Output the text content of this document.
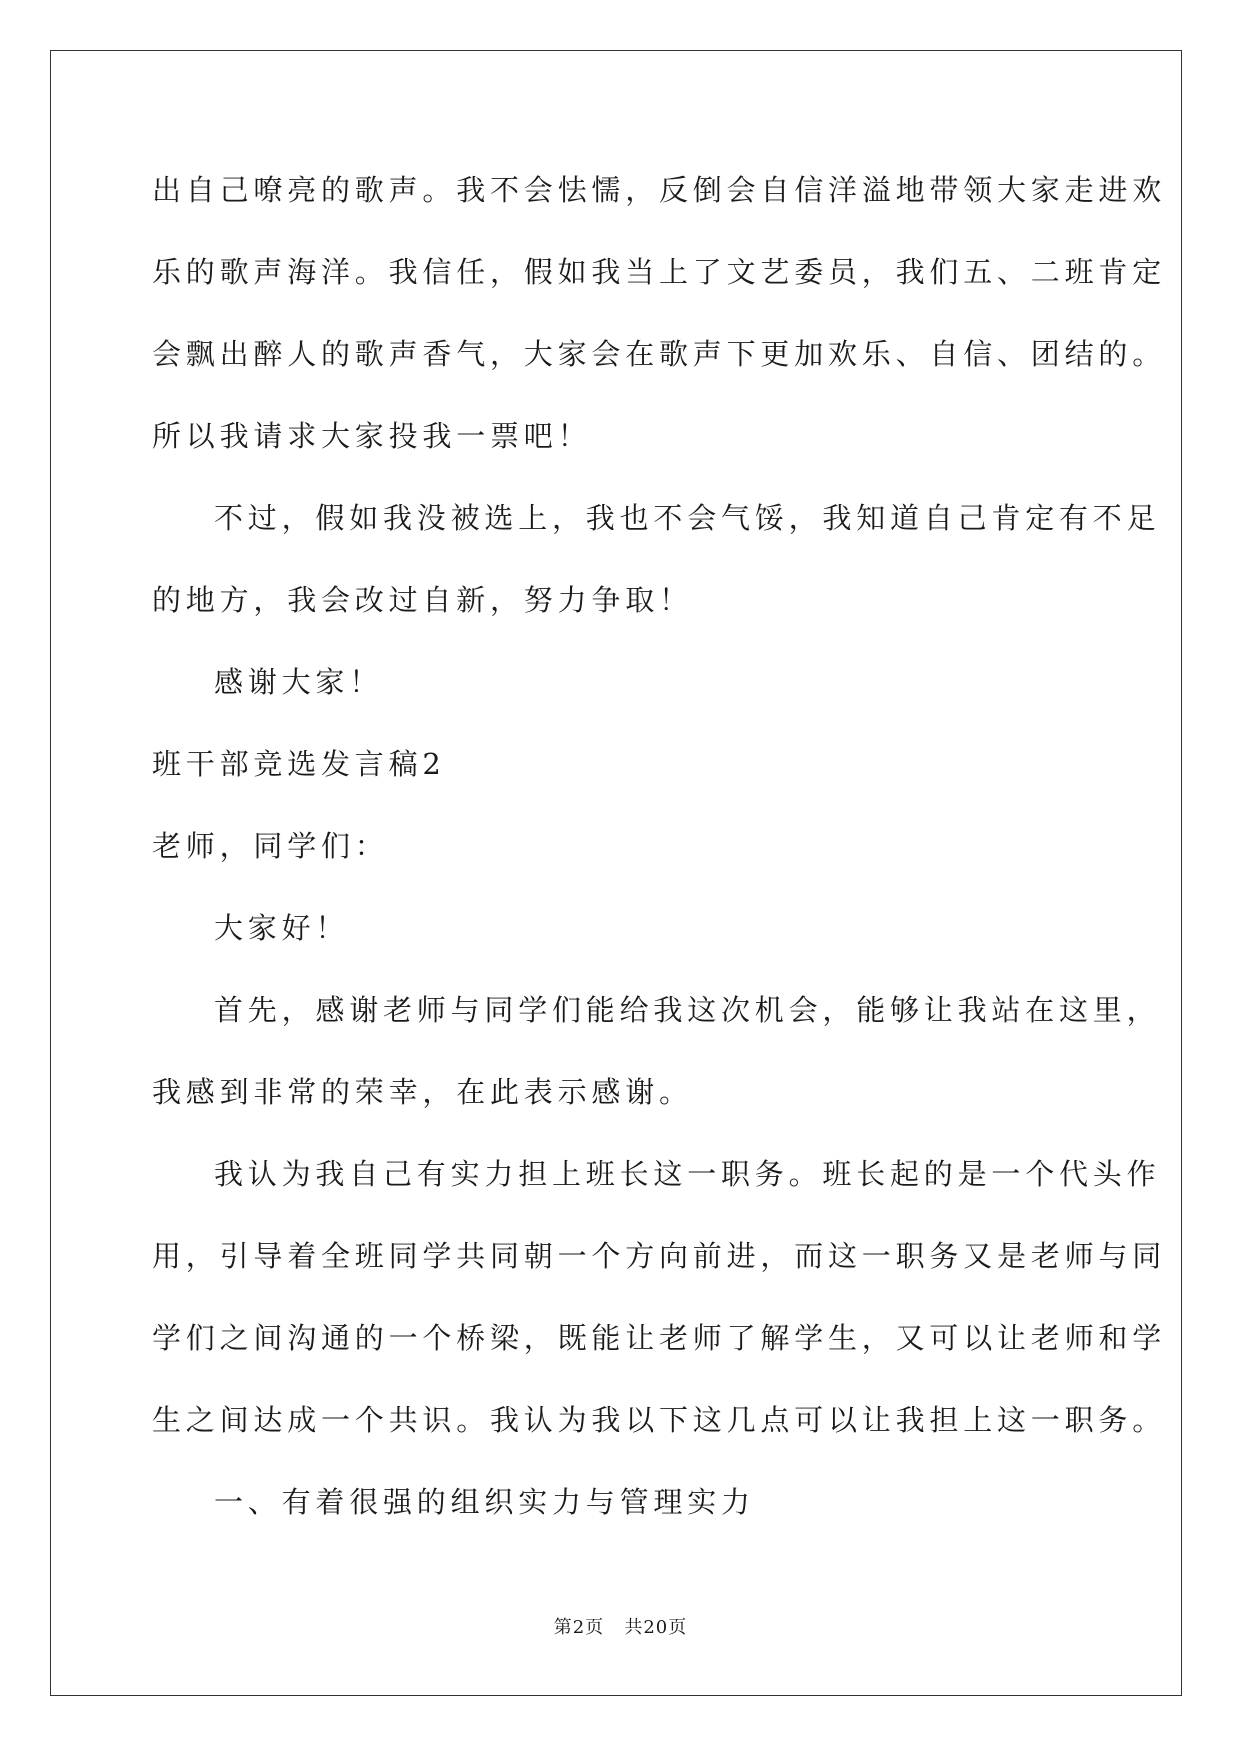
出自己嘹亮的歌声。我不会怯懦，反倒会自信洋溢地带领大家走进欢
乐的歌声海洋。我信任，假如我当上了文艺委员，我们五、二班肯定
会飘出醉人的歌声香气，大家会在歌声下更加欢乐、自信、团结的。
所以我请求大家投我一票吧！
不过，假如我没被选上，我也不会气馁，我知道自己肯定有不足
的地方，我会改过自新，努力争取！
感谢大家！
班干部竞选发言稿2
老师，同学们：
大家好！
首先，感谢老师与同学们能给我这次机会，能够让我站在这里，
我感到非常的荣幸，在此表示感谢。
我认为我自己有实力担上班长这一职务。班长起的是一个代头作
用，引导着全班同学共同朝一个方向前进，而这一职务又是老师与同
学们之间沟通的一个桥梁，既能让老师了解学生，又可以让老师和学
生之间达成一个共识。我认为我以下这几点可以让我担上这一职务。
一、有着很强的组织实力与管理实力
第2页   共20页
